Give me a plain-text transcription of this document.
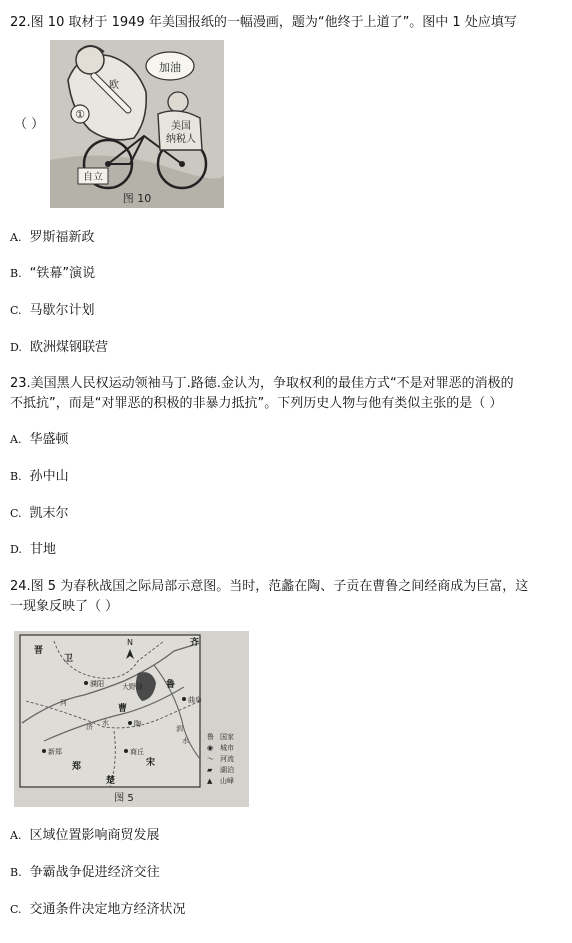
22.图 10 取材于 1949 年美国报纸的一幅漫画，题为“他终于上道了”。图中 1 处应填写
（ ）
①
加油
美国
纳税人
欧
自立
图 10
A. 罗斯福新政
B. “铁幕”演说
C. 马歇尔计划
D. 欧洲煤钢联营
23.美国黑人民权运动领袖马丁.路德.金认为，争取权利的最佳方式“不是对罪恶的消极的
不抵抗”，而是“对罪恶的积极的非暴力抵抗”。下列历史人物与他有类似主张的是（ ）
A. 华盛顿
B. 孙中山
C. 凯末尔
D. 甘地
24.图 5 为春秋战国之际局部示意图。当时，范蠡在陶、子贡在曹鲁之间经商成为巨富，这
一现象反映了（ ）
N
晋
卫
齐
鲁
曹
宋
郑
楚
濮阳	大野泽
曲阜
新郑	商丘
陶
河
济 水
泗
水	鲁 国家
◉ 城市
～ 河流
▰ 湖泊
▲ 山峰
图 5
A. 区域位置影响商贸发展
B. 争霸战争促进经济交往
C. 交通条件决定地方经济状况
